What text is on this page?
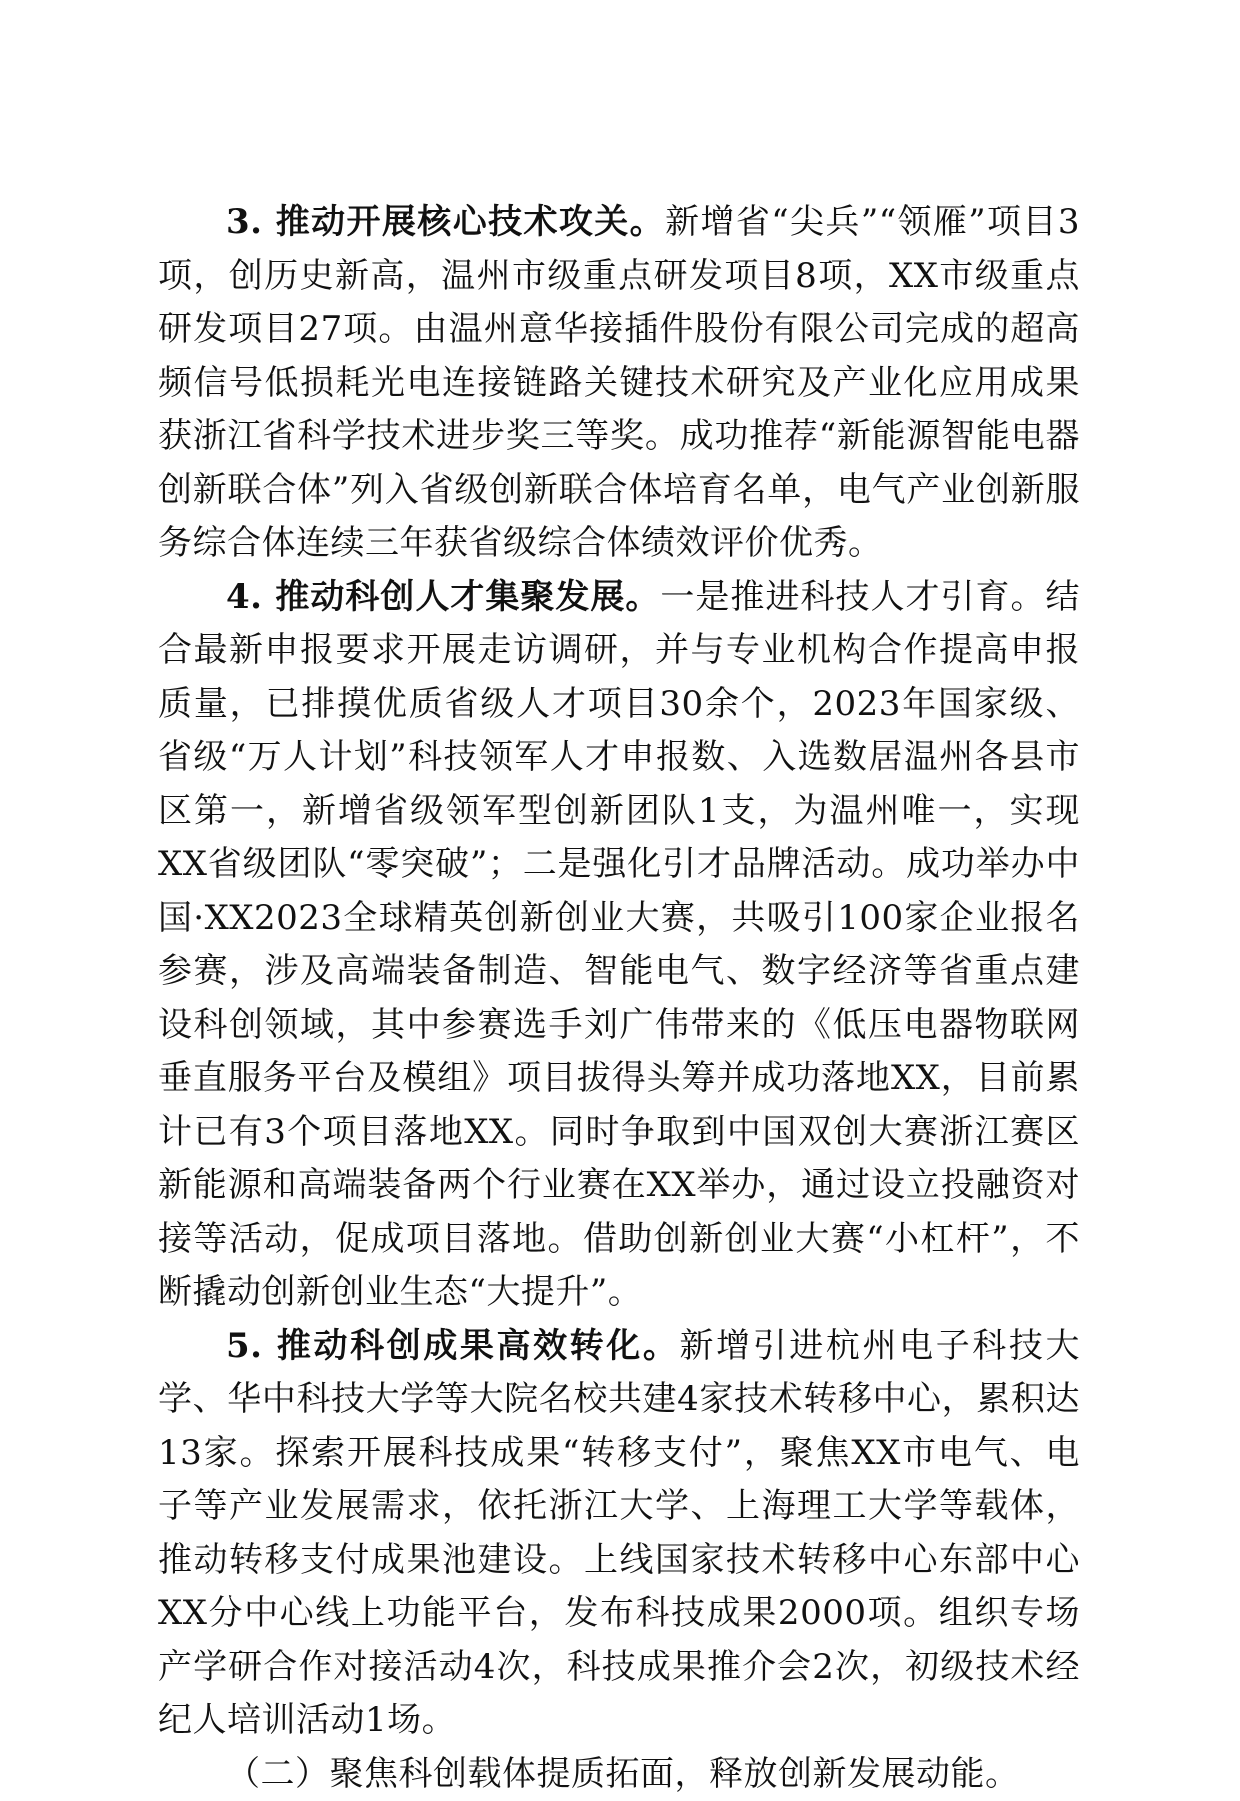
3. 推动开展核心技术攻关。新增省“尖兵”“领雁”项目3项，创历史新高，温州市级重点研发项目8项，XX市级重点研发项目27项。由温州意华接插件股份有限公司完成的超高频信号低损耗光电连接链路关键技术研究及产业化应用成果获浙江省科学技术进步奖三等奖。成功推荐“新能源智能电器创新联合体”列入省级创新联合体培育名单，电气产业创新服务综合体连续三年获省级综合体绩效评价优秀。

4. 推动科创人才集聚发展。一是推进科技人才引育。结合最新申报要求开展走访调研，并与专业机构合作提高申报质量，已排摸优质省级人才项目30余个，2023年国家级、省级“万人计划”科技领军人才申报数、入选数居温州各县市区第一，新增省级领军型创新团队1支，为温州唯一，实现XX省级团队“零突破”；二是强化引才品牌活动。成功举办中国·XX2023全球精英创新创业大赛，共吸引100家企业报名参赛，涉及高端装备制造、智能电气、数字经济等省重点建设科创领域，其中参赛选手刘广伟带来的《低压电器物联网垂直服务平台及模组》项目拔得头筹并成功落地XX，目前累计已有3个项目落地XX。同时争取到中国双创大赛浙江赛区新能源和高端装备两个行业赛在XX举办，通过设立投融资对接等活动，促成项目落地。借助创新创业大赛“小杠杆”，不断撬动创新创业生态“大提升”。

5. 推动科创成果高效转化。新增引进杭州电子科技大学、华中科技大学等大院名校共建4家技术转移中心，累积达13家。探索开展科技成果“转移支付”，聚焦XX市电气、电子等产业发展需求，依托浙江大学、上海理工大学等载体，推动转移支付成果池建设。上线国家技术转移中心东部中心XX分中心线上功能平台，发布科技成果2000项。组织专场产学研合作对接活动4次，科技成果推介会2次，初级技术经纪人培训活动1场。

（二）聚焦科创载体提质拓面，释放创新发展动能。
